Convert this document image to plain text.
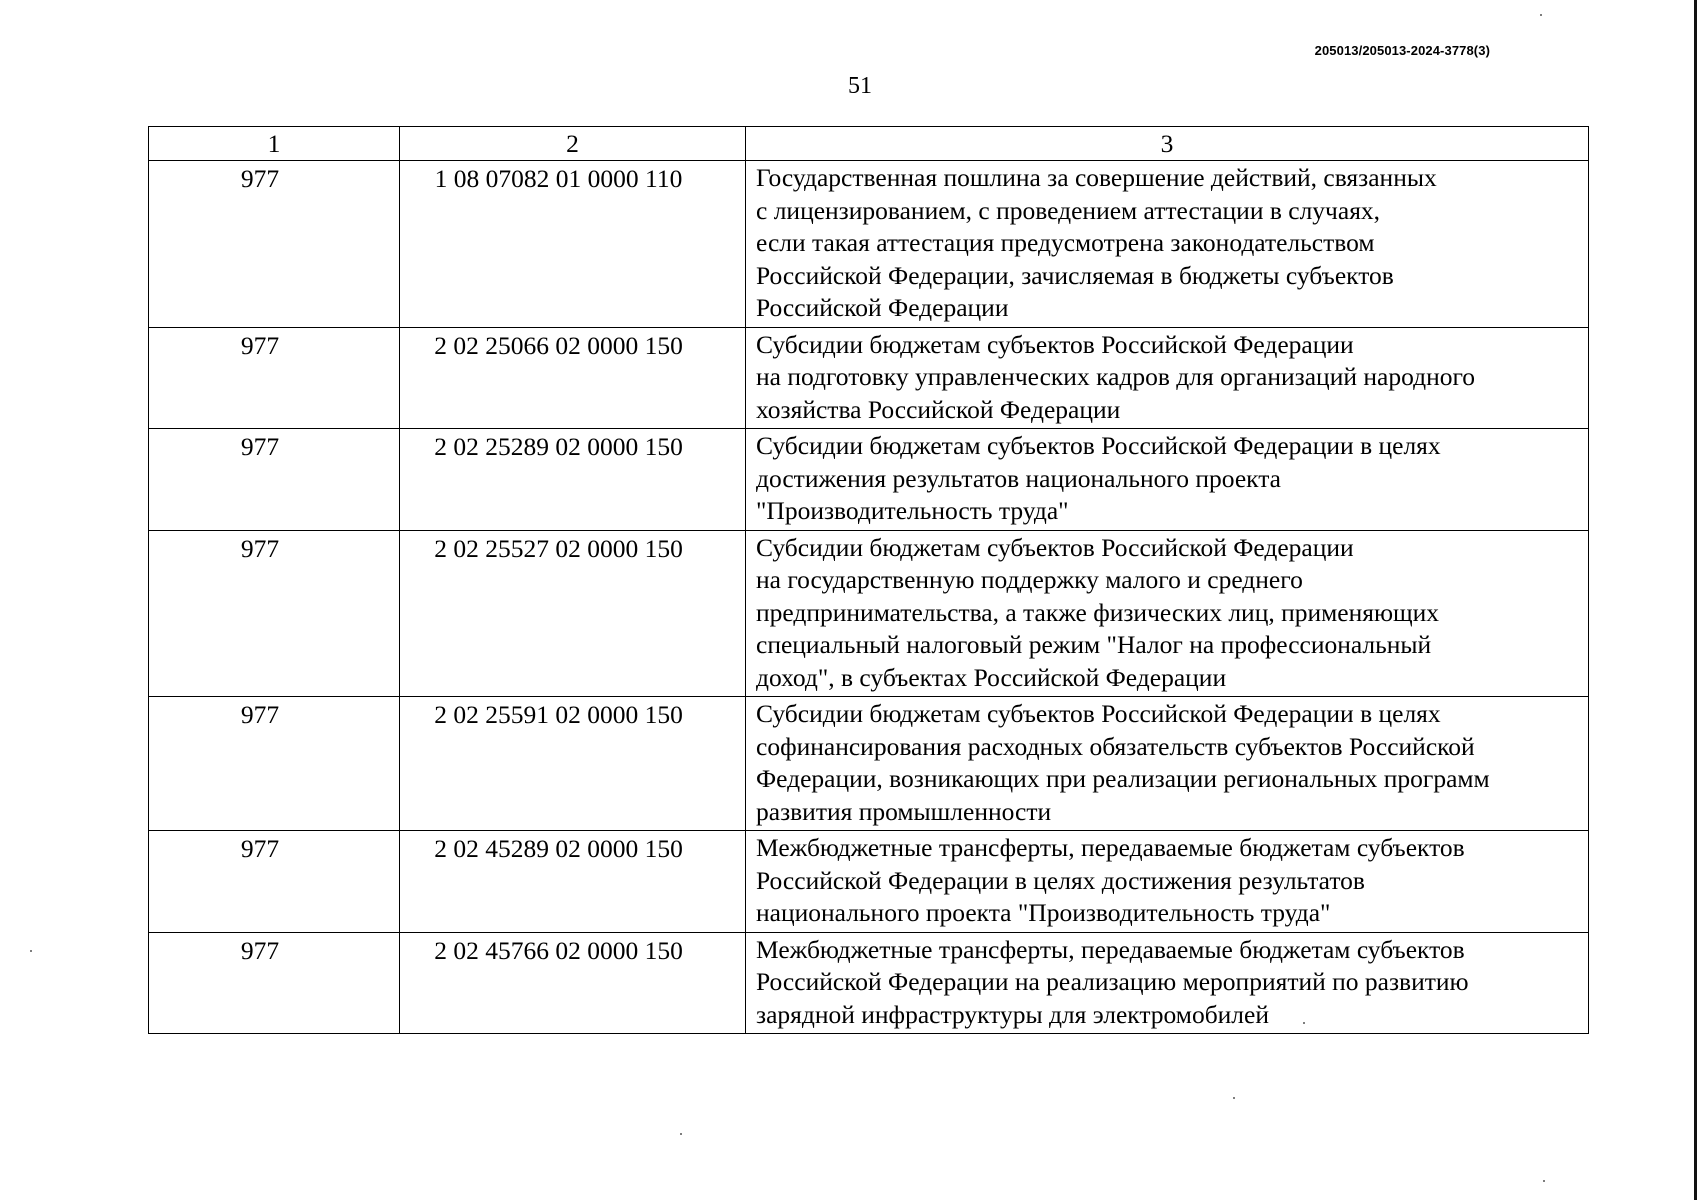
205013/205013-2024-3778(3)
51
1	2	3
977	1 08 07082 01 0000 110	Государственная пошлина за совершение действий, связанных
с лицензированием, с проведением аттестации в случаях,
если такая аттестация предусмотрена законодательством
Российской Федерации, зачисляемая в бюджеты субъектов
Российской Федерации

977	2 02 25066 02 0000 150	Субсидии бюджетам субъектов Российской Федерации
на подготовку управленческих кадров для организаций народного
хозяйства Российской Федерации

977	2 02 25289 02 0000 150	Субсидии бюджетам субъектов Российской Федерации в целях
достижения результатов национального проекта
"Производительность труда"

977	2 02 25527 02 0000 150	Субсидии бюджетам субъектов Российской Федерации
на государственную поддержку малого и среднего
предпринимательства, а также физических лиц, применяющих
специальный налоговый режим "Налог на профессиональный
доход", в субъектах Российской Федерации

977	2 02 25591 02 0000 150	Субсидии бюджетам субъектов Российской Федерации в целях
софинансирования расходных обязательств субъектов Российской
Федерации, возникающих при реализации региональных программ
развития промышленности

977	2 02 45289 02 0000 150	Межбюджетные трансферты, передаваемые бюджетам субъектов
Российской Федерации в целях достижения результатов
национального проекта "Производительность труда"

977	2 02 45766 02 0000 150	Межбюджетные трансферты, передаваемые бюджетам субъектов
Российской Федерации на реализацию мероприятий по развитию
зарядной инфраструктуры для электромобилей
